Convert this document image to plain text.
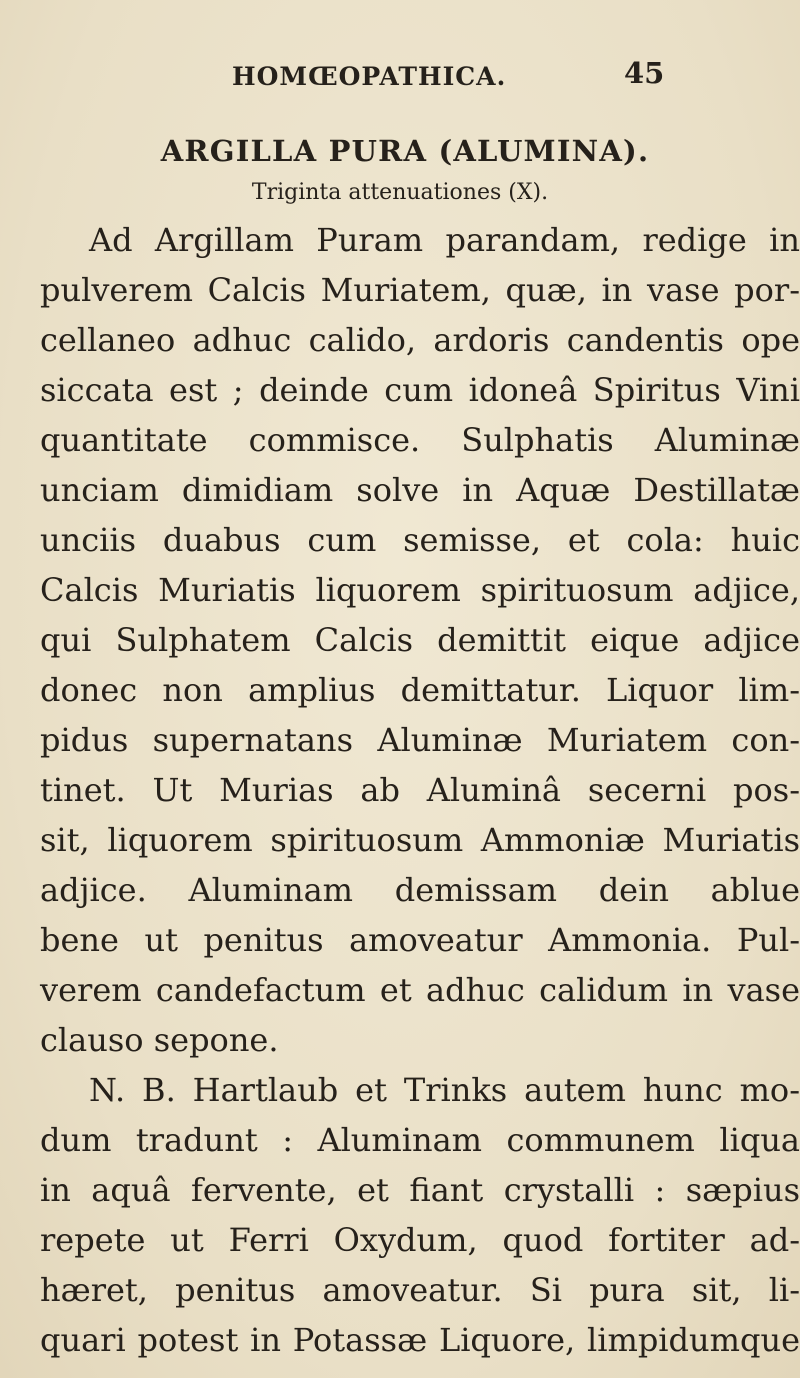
HOMŒOPATHICA.	45
ARGILLA PURA (ALUMINA).
Triginta attenuationes (X).
Ad Argillam Puram parandam, redige in
pulverem Calcis Muriatem, quæ, in vase por-
cellaneo adhuc calido, ardoris candentis ope
siccata est ; deinde cum idoneâ Spiritus Vini
quantitate commisce. Sulphatis Aluminæ
unciam dimidiam solve in Aquæ Destillatæ
unciis duabus cum semisse, et cola: huic
Calcis Muriatis liquorem spirituosum adjice,
qui Sulphatem Calcis demittit eique adjice
donec non amplius demittatur. Liquor lim-
pidus supernatans Aluminæ Muriatem con-
tinet. Ut Murias ab Aluminâ secerni pos-
sit, liquorem spirituosum Ammoniæ Muriatis
adjice. Aluminam demissam dein ablue
bene ut penitus amoveatur Ammonia. Pul-
verem candefactum et adhuc calidum in vase
clauso sepone.
N. B. Hartlaub et Trinks autem hunc mo-
dum tradunt : Aluminam communem liqua
in aquâ fervente, et fiant crystalli : sæpius
repete ut Ferri Oxydum, quod fortiter ad-
hæret, penitus amoveatur. Si pura sit, li-
quari potest in Potassæ Liquore, limpidumque
